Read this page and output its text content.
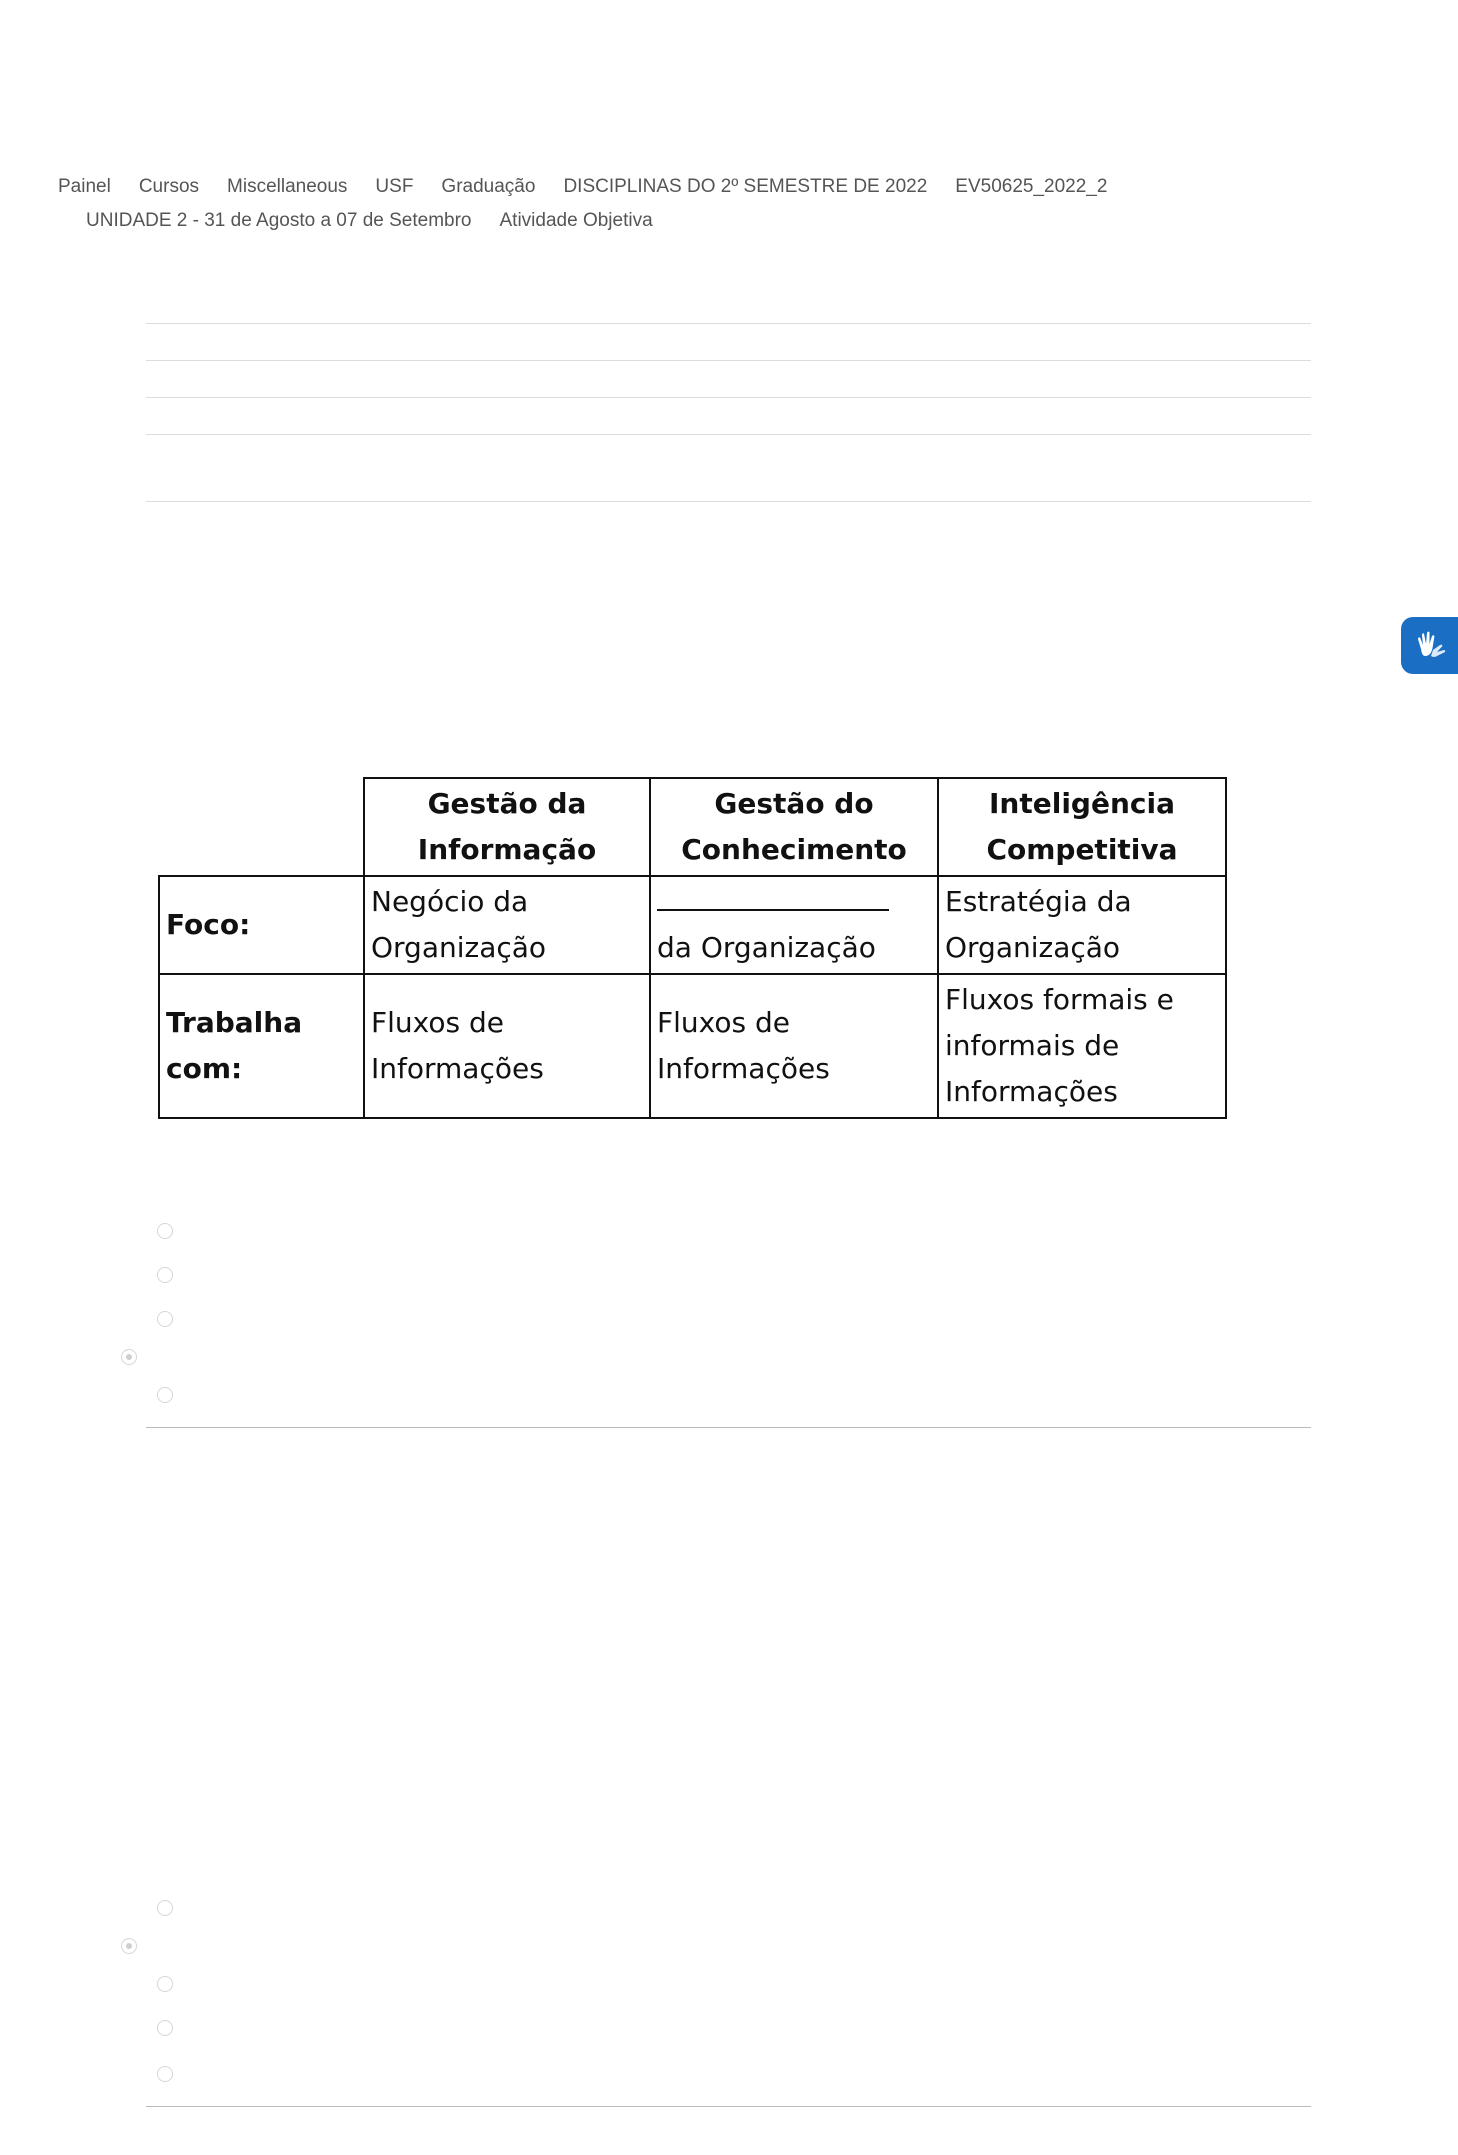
Painel Cursos Miscellaneous USF Graduação DISCIPLINAS DO 2º SEMESTRE DE 2022 EV50625_2022_2
UNIDADE 2 - 31 de Agosto a 07 de Setembro Atividade Objetiva
	Gestão da Informação	Gestão do Conhecimento	Inteligência Competitiva
Foco:	Negócio da Organização	da Organização	Estratégia da Organização
Trabalha com:	Fluxos de Informações	Fluxos de Informações	Fluxos formais e informais de Informações
